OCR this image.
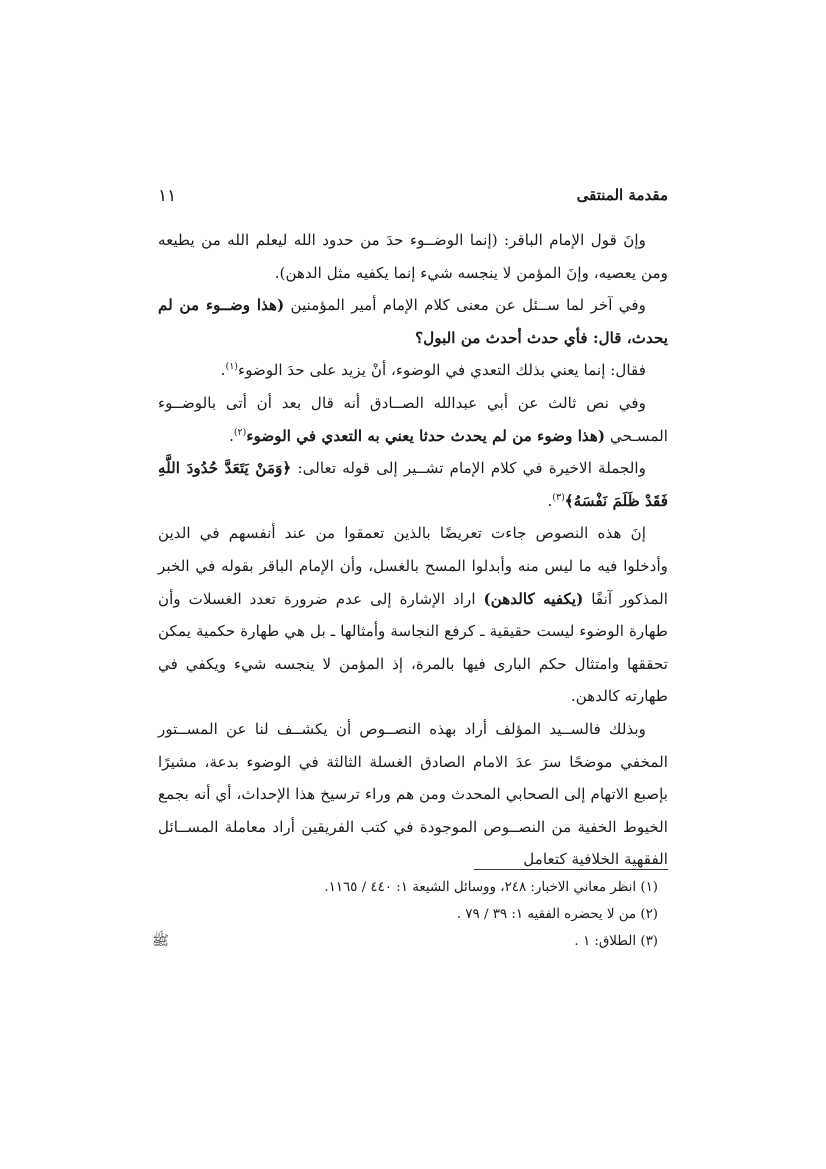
مقدمة المنتقى
١١

وإنَ قول الإمام الباقر: (إنما الوضــوء حدَ من حدود الله ليعلم الله من يطيعه ومن يعصيه، وإنَ المؤمن لا ينجسه شيء إنما يكفيه مثل الدهن).

وفي آخر لما ســئل عن معنى كلام الإمام أمير المؤمنين (هذا وضــوء من لم يحدث، قال: فأي حدث أحدث من البول؟

فقال: إنما يعني بذلك التعدي في الوضوء، أنْ يزيد على حدَ الوضوء$^{(١)}$.

وفي نص ثالث عن أبي عبدالله الصــادق أنه قال بعد أن أتى بالوضــوء المسـحي (هذا وضوء من لم يحدث حدثا يعني به التعدي في الوضوء$^{(٢)}$.

والجملة الاخيرة في كلام الإمام تشــير إلى قوله تعالى: ﴿وَمَنْ يَتَعَدَّ حُدُودَ اللَّهِ فَقَدْ ظَلَمَ نَفْسَهُ﴾$^{(٣)}$.

إنَ هذه النصوص جاءت تعريضًا بالذين تعمقوا من عند أنفسهم في الدين وأدخلوا فيه ما ليس منه وأبدلوا المسح بالغسل، وأن الإمام الباقر بقوله في الخبر المذكور آنفًا (يكفيه كالدهن) اراد الإشارة إلى عدم ضرورة تعدد الغسلات وأن طهارة الوضوء ليست حقيقية ـ كرفع النجاسة وأمثالها ـ بل هي طهارة حكمية يمكن تحققها وامتثال حكم البارى فيها بالمرة، إذ المؤمن لا ينجسه شيء ويكفي في طهارته كالدهن.

وبذلك فالســيد المؤلف أراد بهذه النصــوص أن يكشــف لنا عن المســتور المخفي موضحًا سرَ عدَ الامام الصادق الغسلة الثالثة في الوضوء بدعة، مشيرًا بإصبع الاتهام إلى الصحابي المحدث ومن هم وراء ترسيخ هذا الإحداث، أي أنه بجمع الخيوط الخفية من النصــوص الموجودة في كتب الفريقين أراد معاملة المســائل الفقهية الخلافية كتعامل

(١) انظر معاني الاخبار: ٢٤٨، ووسائل الشيعة ١: ٤٤٠ / ١١٦٥.

(٢) من لا يحضره الفقيه ١: ٣٩ / ٧٩ .

(٣) الطلاق: ١ .

ﷺ
